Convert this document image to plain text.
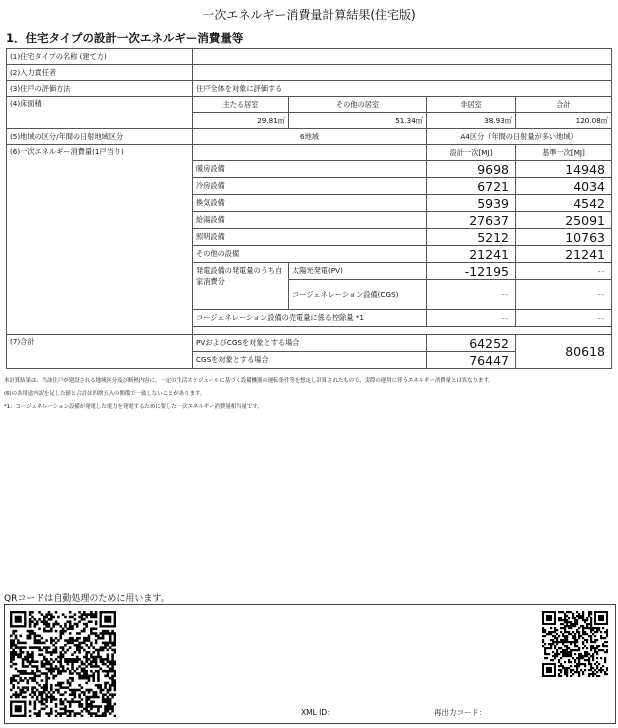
一次エネルギー消費量計算結果(住宅版)
1．住宅タイプの設計一次エネルギー消費量等
(1)住宅タイプの名称 (建て方)				
(2)入力責任者				
(3)住戸の評価方法	住戸全体を対象に評価する			
(4)床面積	主たる居室	その他の居室	非居室	合計
	29.81㎡	51.34㎡	38.93㎡	120.08㎡
(5)地域の区分/年間の日射地域区分	6地域		A4区分（年間の日射量が多い地域）	
(6)一次エネルギー消費量(1戸当り)			設計一次[MJ]	基準一次[MJ]
	暖房設備		9698	14948
	冷房設備		6721	4034
	換気設備		5939	4542
	給湯設備		27637	25091
	照明設備		5212	10763
	その他の設備		21241	21241
	発電設備の発電量のうち自家消費分	太陽光発電(PV)	-12195	--
		コージェネレーション設備(CGS)	--	--
	コージェネレーション設備の売電量に係る控除量 *1		--	--

(7)合計	PVおよびCGSを対象とする場合		64252	80618
	CGSを対象とする場合		76447	

本計算結果は、当該住戸が建設される地域区分及び断熱内容に、一定の生活スケジュールに基づく設備機器の運転条件等を想定し計算されたもので、実際の運用に伴うエネルギー消費量とは異なります。

(6)の各用途内訳を足した値と合計は四捨五入の関係で一致しないことがあります。

*1：コージェネレーション設備が発電した電力を発電するために要した一次エネルギー消費量相当量です。

QRコードは自動処理のために用います。
XML ID：	再出力コード：
